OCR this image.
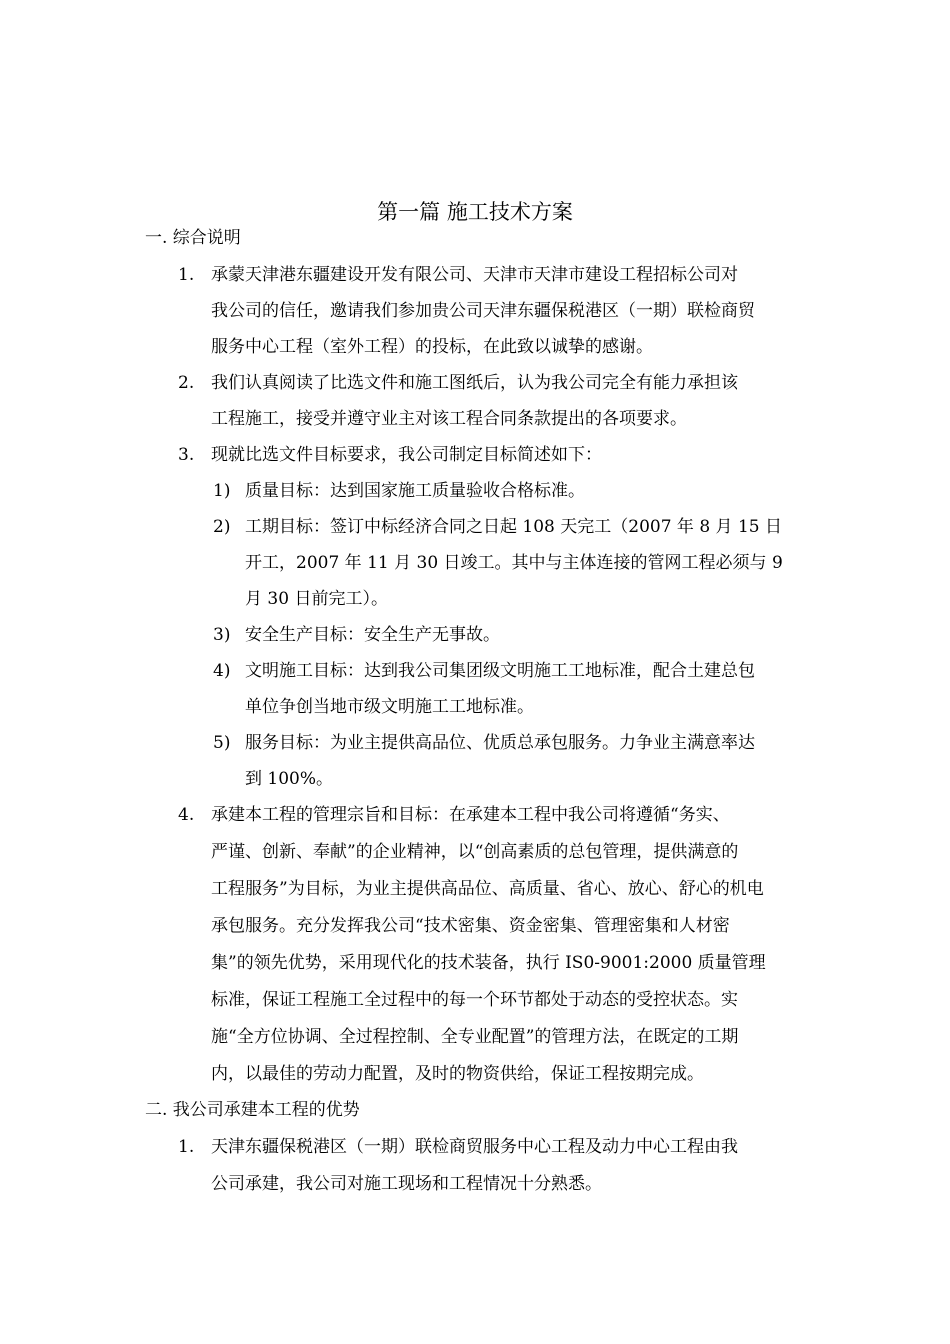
第一篇 施工技术方案
一. 综合说明
1. 承蒙天津港东疆建设开发有限公司、天津市天津市建设工程招标公司对
我公司的信任，邀请我们参加贵公司天津东疆保税港区（一期）联检商贸
服务中心工程（室外工程）的投标，在此致以诚挚的感谢。
2. 我们认真阅读了比选文件和施工图纸后，认为我公司完全有能力承担该
工程施工，接受并遵守业主对该工程合同条款提出的各项要求。
3. 现就比选文件目标要求，我公司制定目标简述如下：
1) 质量目标：达到国家施工质量验收合格标准。
2) 工期目标：签订中标经济合同之日起 108 天完工（2007 年 8 月 15 日
开工，2007 年 11 月 30 日竣工。其中与主体连接的管网工程必须与 9
月 30 日前完工）。
3) 安全生产目标：安全生产无事故。
4) 文明施工目标：达到我公司集团级文明施工工地标准，配合土建总包
单位争创当地市级文明施工工地标准。
5) 服务目标：为业主提供高品位、优质总承包服务。力争业主满意率达
到 100%。
4. 承建本工程的管理宗旨和目标：在承建本工程中我公司将遵循“务实、
严谨、创新、奉献”的企业精神，以“创高素质的总包管理，提供满意的
工程服务”为目标，为业主提供高品位、高质量、省心、放心、舒心的机电
承包服务。充分发挥我公司“技术密集、资金密集、管理密集和人材密
集”的领先优势，采用现代化的技术装备，执行 IS0-9001:2000 质量管理
标准，保证工程施工全过程中的每一个环节都处于动态的受控状态。实
施“全方位协调、全过程控制、全专业配置”的管理方法，在既定的工期
内，以最佳的劳动力配置，及时的物资供给，保证工程按期完成。
二. 我公司承建本工程的优势
1. 天津东疆保税港区（一期）联检商贸服务中心工程及动力中心工程由我
公司承建，我公司对施工现场和工程情况十分熟悉。
